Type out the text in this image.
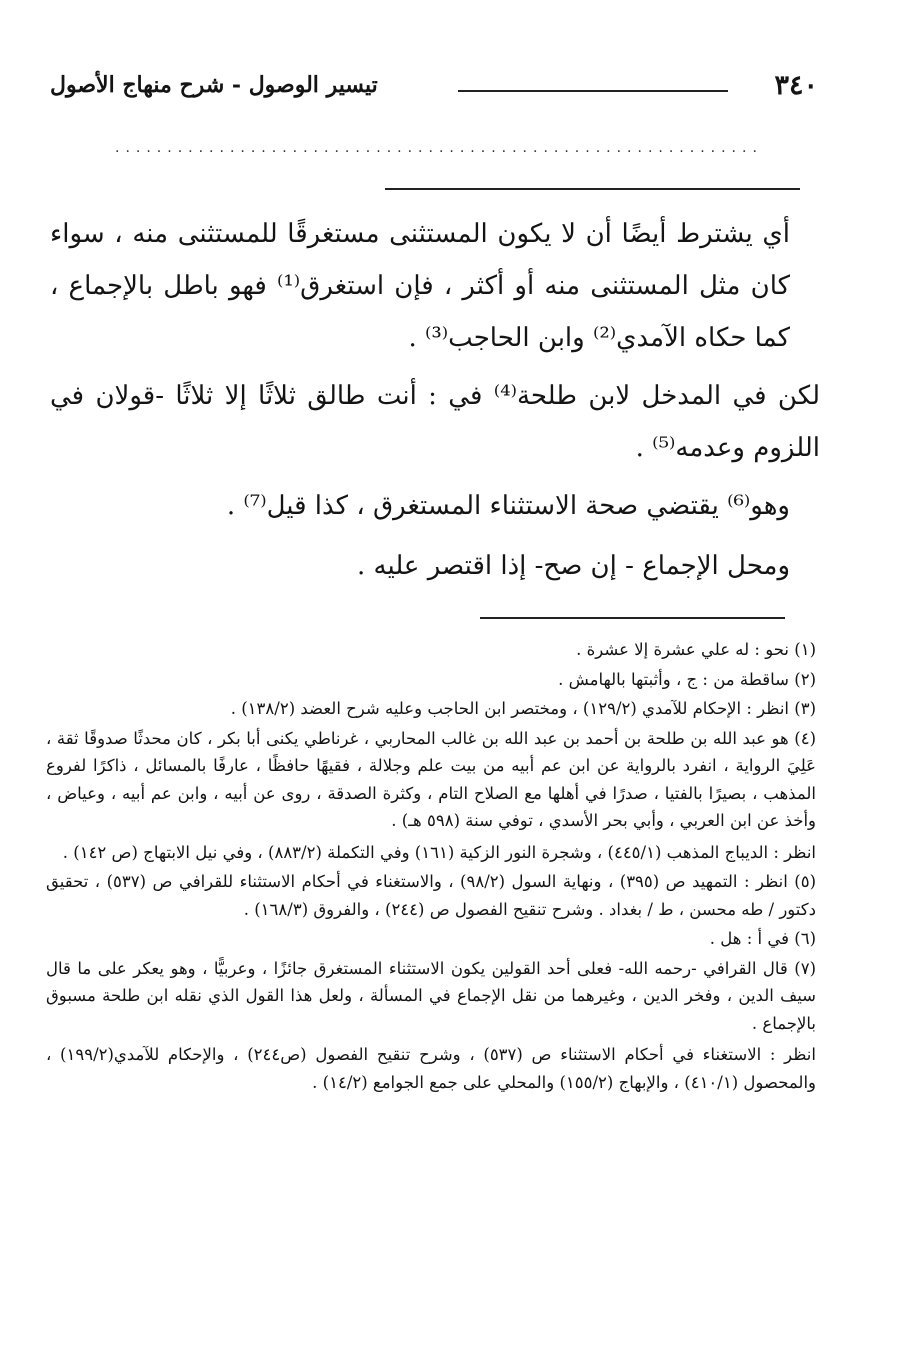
٣٤٠
تيسير الوصول - شرح منهاج الأصول
..............................................................

أي يشترط أيضًا أن لا يكون المستثنى مستغرقًا للمستثنى منه ، سواء كان مثل المستثنى منه أو أكثر ، فإن استغرق⁽¹⁾ فهو باطل بالإجماع ، كما حكاه الآمدي⁽²⁾ وابن الحاجب⁽³⁾ .

لكن في المدخل لابن طلحة⁽⁴⁾ في : أنت طالق ثلاثًا إلا ثلاثًا -قولان في اللزوم وعدمه⁽⁵⁾ .

وهو⁽⁶⁾ يقتضي صحة الاستثناء المستغرق ، كذا قيل⁽⁷⁾ .

ومحل الإجماع - إن صح- إذا اقتصر عليه .

(١) نحو : له علي عشرة إلا عشرة .
(٢) ساقطة من : ج ، وأثبتها بالهامش .
(٣) انظر : الإحكام للآمدي (١٢٩/٢) ، ومختصر ابن الحاجب وعليه شرح العضد (١٣٨/٢) .
(٤) هو عبد الله بن طلحة بن أحمد بن عبد الله بن غالب المحاربي ، غرناطي يكنى أبا بكر ، كان محدثًا صدوقًا ثقة ، عَلِيَ الرواية ، انفرد بالرواية عن ابن عم أبيه من بيت علم وجلالة ، فقيهًا حافظًا ، عارفًا بالمسائل ، ذاكرًا لفروع المذهب ، بصيرًا بالفتيا ، صدرًا في أهلها مع الصلاح التام ، وكثرة الصدقة ، روى عن أبيه ، وابن عم أبيه ، وعياض ، وأخذ عن ابن العربي ، وأبي بحر الأسدي ، توفي سنة (٥٩٨ هـ) .
انظر : الديباج المذهب (٤٤٥/١) ، وشجرة النور الزكية (١٦١) وفي التكملة (٨٨٣/٢) ، وفي نيل الابتهاج (ص ١٤٢) .
(٥) انظر : التمهيد ص (٣٩٥) ، ونهاية السول (٩٨/٢) ، والاستغناء في أحكام الاستثناء للقرافي ص (٥٣٧) ، تحقيق دكتور / طه محسن ، ط / بغداد . وشرح تنقيح الفصول ص (٢٤٤) ، والفروق (١٦٨/٣) .
(٦) في أ : هل .
(٧) قال القرافي -رحمه الله- فعلى أحد القولين يكون الاستثناء المستغرق جائزًا ، وعربيًّا ، وهو يعكر على ما قال سيف الدين ، وفخر الدين ، وغيرهما من نقل الإجماع في المسألة ، ولعل هذا القول الذي نقله ابن طلحة مسبوق بالإجماع .
انظر : الاستغناء في أحكام الاستثناء ص (٥٣٧) ، وشرح تنقيح الفصول (ص٢٤٤) ، والإحكام للآمدي(١٩٩/٢) ، والمحصول (٤١٠/١) ، والإبهاج (١٥٥/٢) والمحلي على جمع الجوامع (١٤/٢) .
